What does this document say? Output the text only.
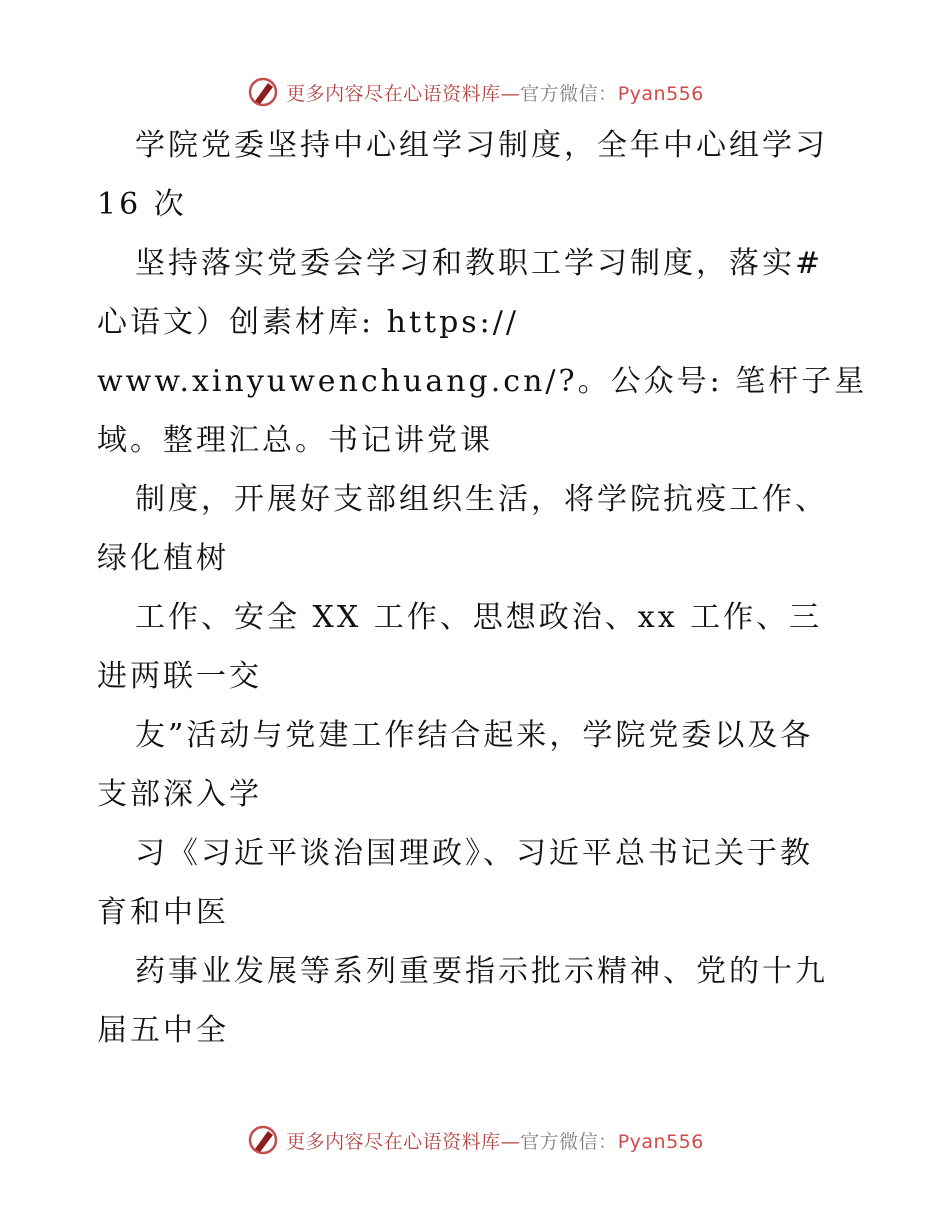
更多内容尽在心语资料库—官方微信：Pyan556
学院党委坚持中心组学习制度，全年中心组学习
16 次
坚持落实党委会学习和教职工学习制度，落实#
心语文）创素材库: https://
www.xinyuwenchuang.cn/?。公众号: 笔杆子星
域。整理汇总。书记讲党课
制度，开展好支部组织生活，将学院抗疫工作、
绿化植树
工作、安全 XX 工作、思想政治、xx 工作、三
进两联一交
友”活动与党建工作结合起来，学院党委以及各
支部深入学
习《习近平谈治国理政》、习近平总书记关于教
育和中医
药事业发展等系列重要指示批示精神、党的十九
届五中全
更多内容尽在心语资料库—官方微信：Pyan556
